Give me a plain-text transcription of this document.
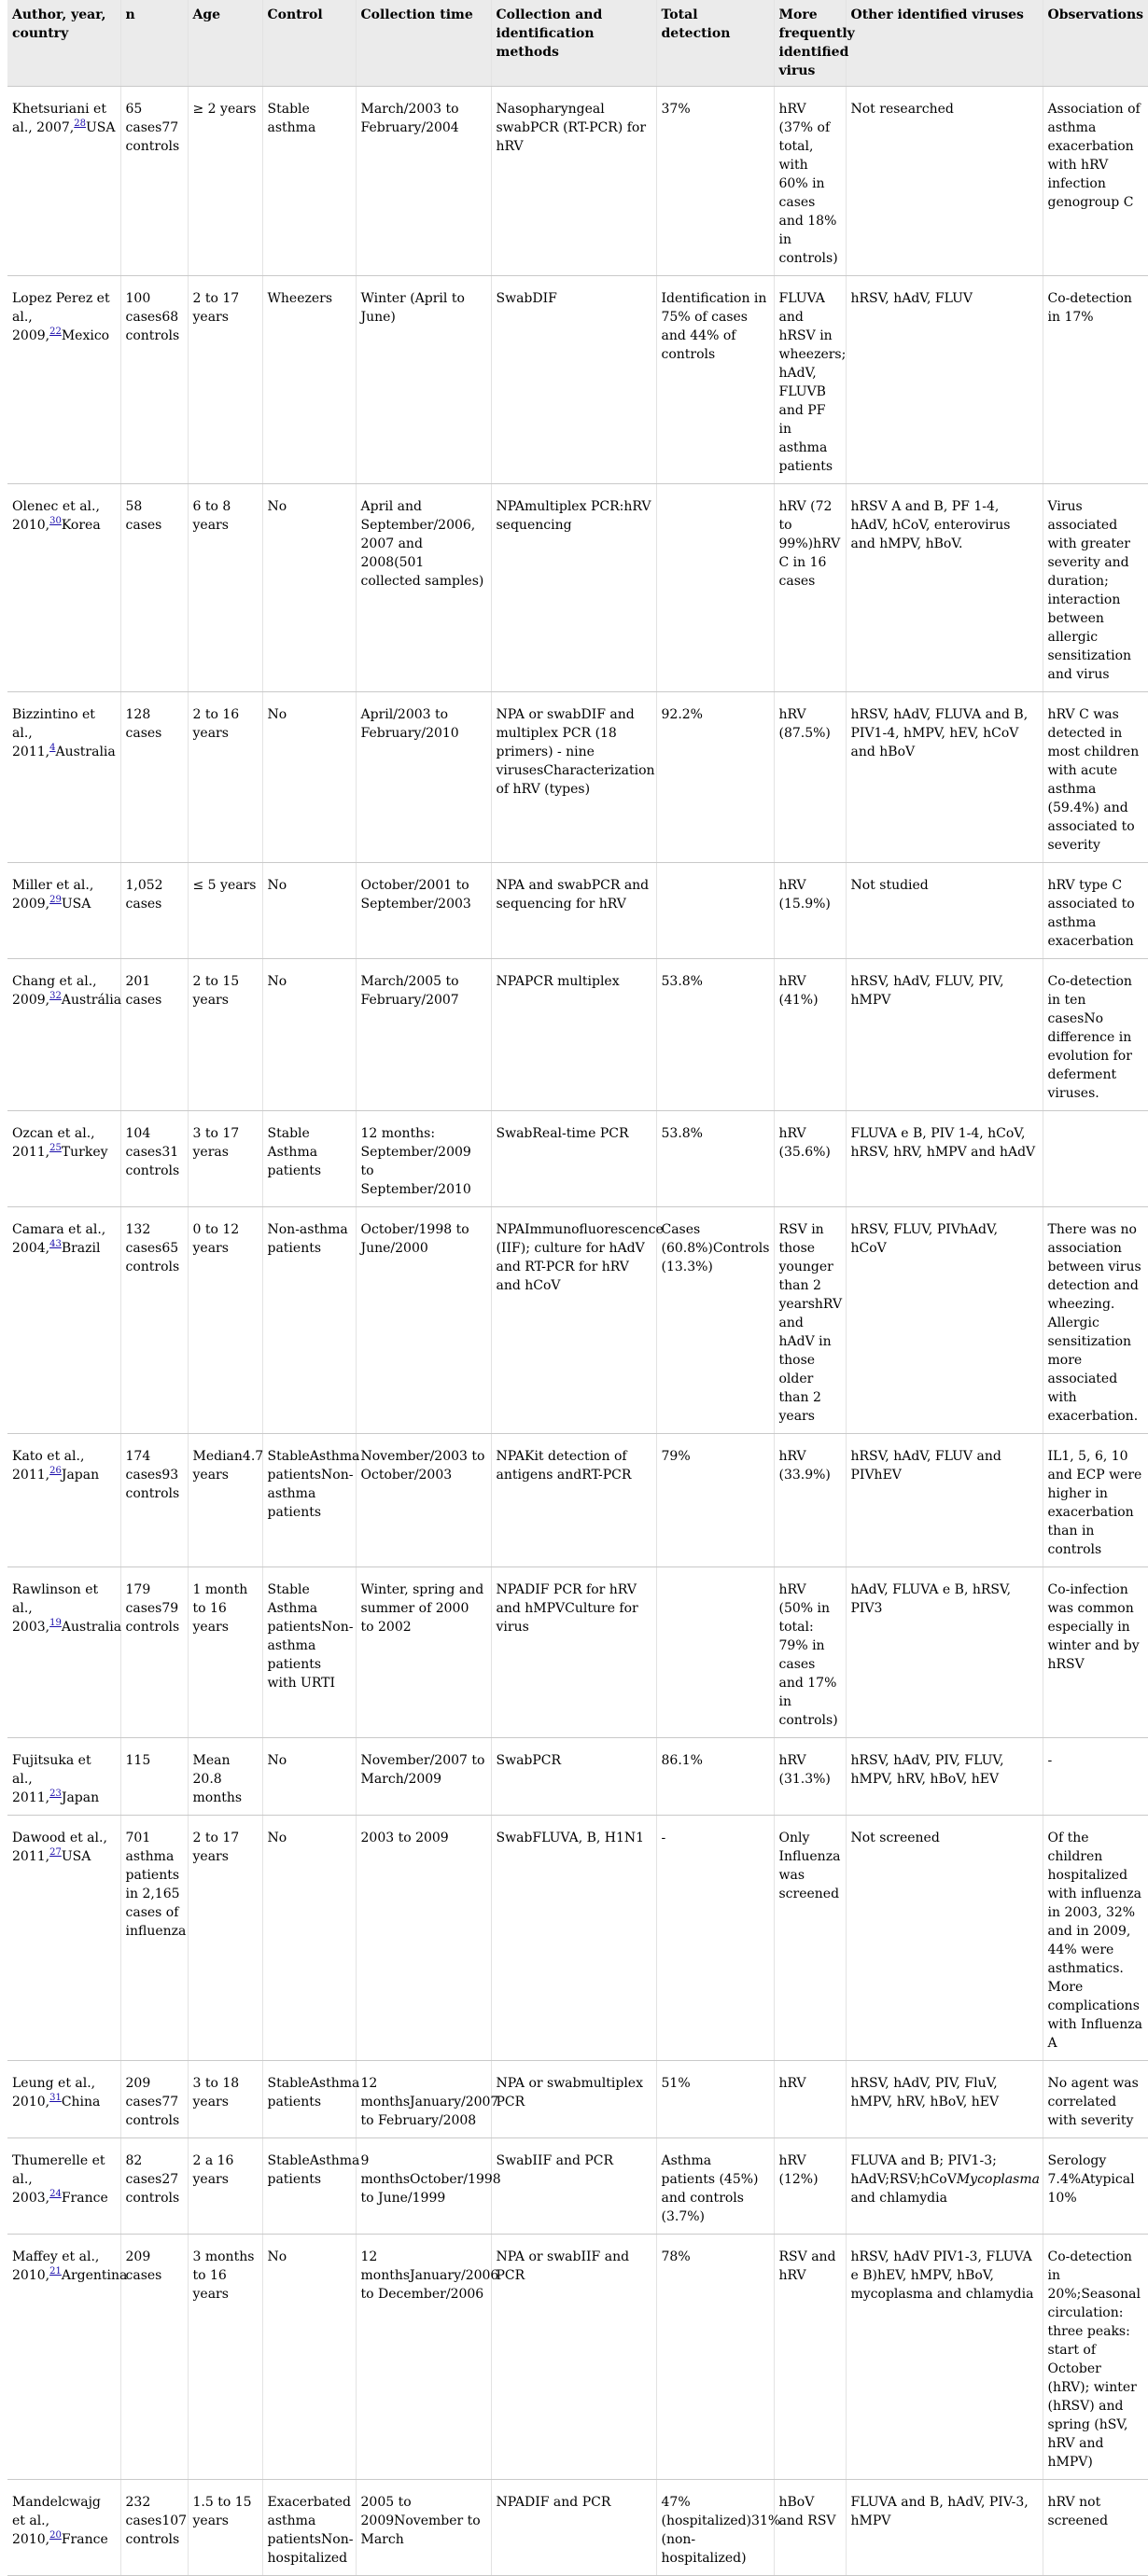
Author, year, country	n	Age	Control	Collection time	Collection and identification methods	Total detection	More frequently identified virus	Other identified viruses	Observations
Khetsuriani et al., 2007,28USA	65 cases77 controls	≥ 2 years	Stable asthma	March/2003 to February/2004	Nasopharyngeal swabPCR (RT-PCR) for hRV	37%	hRV (37% of total, with 60% in cases and 18% in controls)	Not researched	Association of asthma exacerbation with hRV infection genogroup C
Lopez Perez et al., 2009,22Mexico	100 cases68 controls	2 to 17 years	Wheezers	Winter (April to June)	SwabDIF	Identification in 75% of cases and 44% of controls	FLUVA and hRSV in wheezers; hAdV, FLUVB and PF in asthma patients	hRSV, hAdV, FLUV	Co-detection in 17%
Olenec et al., 2010,30Korea	58 cases	6 to 8 years	No	April and September/2006, 2007 and 2008(501 collected samples)	NPAmultiplex PCR:hRV sequencing		hRV (72 to 99%)hRV C in 16 cases	hRSV A and B, PF 1-4, hAdV, hCoV, enterovirus and hMPV, hBoV.	Virus associated with greater severity and duration; interaction between allergic sensitization and virus
Bizzintino et al., 2011,$^4$Australia	128 cases	2 to 16 years	No	April/2003 to February/2010	NPA or swabDIF and multiplex PCR (18 primers) - nine virusesCharacterization of hRV (types)	92.2%	hRV (87.5%)	hRSV, hAdV, FLUVA and B, PIV1-4, hMPV, hEV, hCoV and hBoV	hRV C was detected in most children with acute asthma (59.4%) and associated to severity
Miller et al., 2009,29USA	1,052 cases	≤ 5 years	No	October/2001 to September/2003	NPA and swabPCR and sequencing for hRV		hRV (15.9%)	Not studied	hRV type C associated to asthma exacerbation
Chang et al., 2009,32Austrália	201 cases	2 to 15 years	No	March/2005 to February/2007	NPAPCR multiplex	53.8%	hRV (41%)	hRSV, hAdV, FLUV, PIV, hMPV	Co-detection in ten casesNo difference in evolution for deferment viruses.
Ozcan et al., 2011,25Turkey	104 cases31 controls	3 to 17 yeras	Stable Asthma patients	12 months: September/2009 to September/2010	SwabReal-time PCR	53.8%	hRV (35.6%)	FLUVA e B, PIV 1-4, hCoV, hRSV, hRV, hMPV and hAdV	
Camara et al., 2004,43Brazil	132 cases65 controls	0 to 12 years	Non-asthma patients	October/1998 to June/2000	NPAImmunofluorescence (IIF); culture for hAdV and RT-PCR for hRV and hCoV	Cases (60.8%)Controls (13.3%)	RSV in those younger than 2 yearshRV and hAdV in those older than 2 years	hRSV, FLUV, PIVhAdV, hCoV	There was no association between virus detection and wheezing. Allergic sensitization more associated with exacerbation.
Kato et al., 2011,26Japan	174 cases93 controls	Median4.7 years	StableAsthma patientsNon-asthma patients	November/2003 to October/2003	NPAKit detection of antigens andRT-PCR	79%	hRV (33.9%)	hRSV, hAdV, FLUV and PIVhEV	IL1, 5, 6, 10 and ECP were higher in exacerbation than in controls
Rawlinson et al., 2003,19Australia	179 cases79 controls	1 month to 16 years	Stable Asthma patientsNon-asthma patients with URTI	Winter, spring and summer of 2000 to 2002	NPADIF PCR for hRV and hMPVCulture for virus		hRV (50% in total: 79% in cases and 17% in controls)	hAdV, FLUVA e B, hRSV, PIV3	Co-infection was common especially in winter and by hRSV
Fujitsuka et al., 2011,23Japan	115	Mean 20.8 months	No	November/2007 to March/2009	SwabPCR	86.1%	hRV (31.3%)	hRSV, hAdV, PIV, FLUV, hMPV, hRV, hBoV, hEV	-
Dawood et al., 2011,27USA	701 asthma patients in 2,165 cases of influenza	2 to 17 years	No	2003 to 2009	SwabFLUVA, B, H1N1	-	Only Influenza was screened	Not screened	Of the children hospitalized with influenza in 2003, 32% and in 2009, 44% were asthmatics. More complications with Influenza A
Leung et al., 2010,31China	209 cases77 controls	3 to 18 years	StableAsthma patients	12 monthsJanuary/2007 to February/2008	NPA or swabmultiplex PCR	51%	hRV	hRSV, hAdV, PIV, FluV, hMPV, hRV, hBoV, hEV	No agent was correlated with severity
Thumerelle et al., 2003,24France	82 cases27 controls	2 a 16 years	StableAsthma patients	9 monthsOctober/1998 to June/1999	SwabIIF and PCR	Asthma patients (45%) and controls (3.7%)	hRV (12%)	FLUVA and B; PIV1-3; hAdV;RSV;hCoVMycoplasma and chlamydia	Serology 7.4%Atypical 10%
Maffey et al., 2010,21Argentina	209 cases	3 months to 16 years	No	12 monthsJanuary/2006 to December/2006	NPA or swabIIF and PCR	78%	RSV and hRV	hRSV, hAdV PIV1-3, FLUVA e B)hEV, hMPV, hBoV, mycoplasma and chlamydia	Co-detection in 20%;Seasonal circulation: three peaks: start of October (hRV); winter (hRSV) and spring (hSV, hRV and hMPV)
Mandelcwajg et al., 2010,20France	232 cases107 controls	1.5 to 15 years	Exacerbated asthma patientsNon-hospitalized	2005 to 2009November to March	NPADIF and PCR	47% (hospitalized)31% (non-hospitalized)	hBoV and RSV	FLUVA and B, hAdV, PIV-3, hMPV	hRV not screened
